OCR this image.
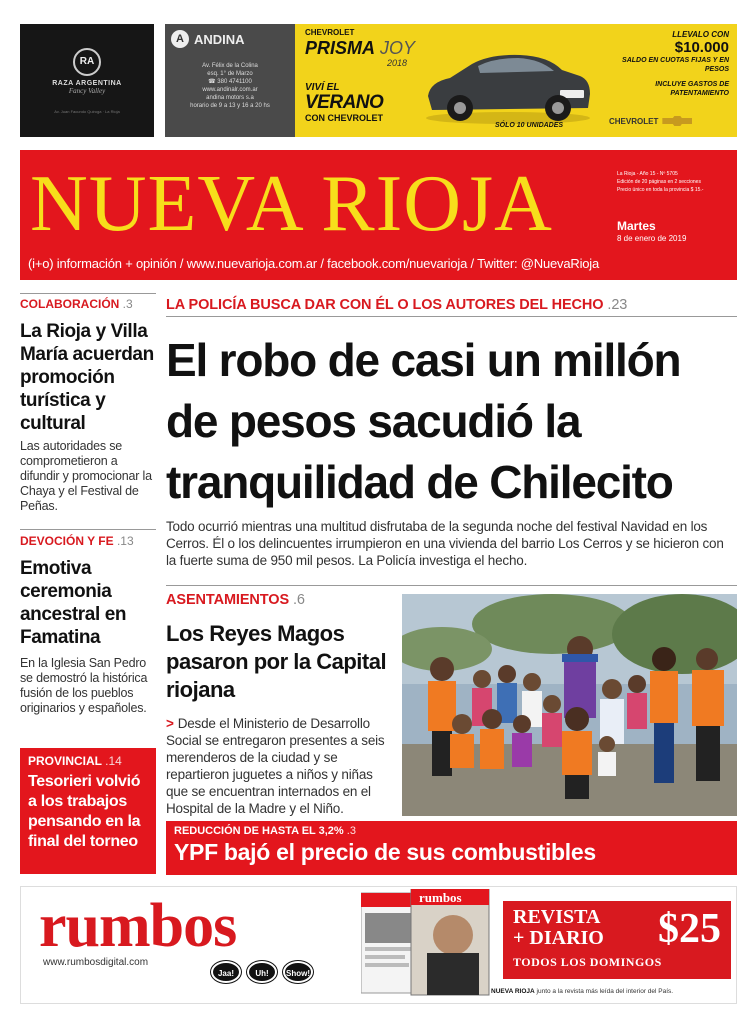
RA
RAZA ARGENTINA
Fancy Valley
Av. Juan Facundo Quiroga · La Rioja
A ANDINA
Av. Félix de la Colina
esq. 1° de Marzo
☎ 380 4741100
www.andinalr.com.ar
andina motors s.a
horario de 9 a 13 y 16 a 20 hs
CHEVROLET
PRISMA JOY
2018
VIVÍ EL
VERANO
CON CHEVROLET
SÓLO 10 UNIDADES
LLEVALO CON
$10.000
SALDO EN CUOTAS FIJAS Y EN PESOS
INCLUYE GASTOS DE PATENTAMIENTO
CHEVROLET
NUEVA RIOJA	La Rioja - Año 15 - Nº 5705
Edición de 20 páginas en 2 secciones
Precio único en toda la provincia $ 15.-
Martes
8 de enero de 2019
(i+o) información + opinión / www.nuevarioja.com.ar / facebook.com/nuevarioja / Twitter: @NuevaRioja
COLABORACIÓN .3
La Rioja y Villa María acuerdan promoción turística y cultural
Las autoridades se comprometieron a difundir y promocionar la Chaya y el Festival de Peñas.
DEVOCIÓN Y FE .13
Emotiva ceremonia ancestral en Famatina
En la Iglesia San Pedro se demostró la histórica fusión de los pueblos originarios y españoles.
PROVINCIAL .14
Tesorieri volvió a los trabajos pensando en la final del torneo
LA POLICÍA BUSCA DAR CON ÉL O LOS AUTORES DEL HECHO .23
El robo de casi un millón
de pesos sacudió la
tranquilidad de Chilecito
Todo ocurrió mientras una multitud disfrutaba de la segunda noche del festival Navidad en los Cerros. Él o los delincuentes irrumpieron en una vivienda del barrio Los Cerros y se hicieron con la fuerte suma de 950 mil pesos. La Policía investiga el hecho.
ASENTAMIENTOS .6
Los Reyes Magos pasaron por la Capital riojana
> Desde el Ministerio de Desarrollo Social se entregaron presentes a seis merenderos de la ciudad y se repartieron juguetes a niños y niñas que se encuentran internados en el Hospital de la Madre y el Niño.
REDUCCIÓN DE HASTA EL 3,2% .3
YPF bajó el precio de sus combustibles
rumbos
www.rumbosdigital.com
Jaa!	Uh!	Show!
rumbos
REVISTA
+ DIARIO	$25
TODOS LOS DOMINGOS
NUEVA RIOJA junto a la revista más leída del interior del País.
